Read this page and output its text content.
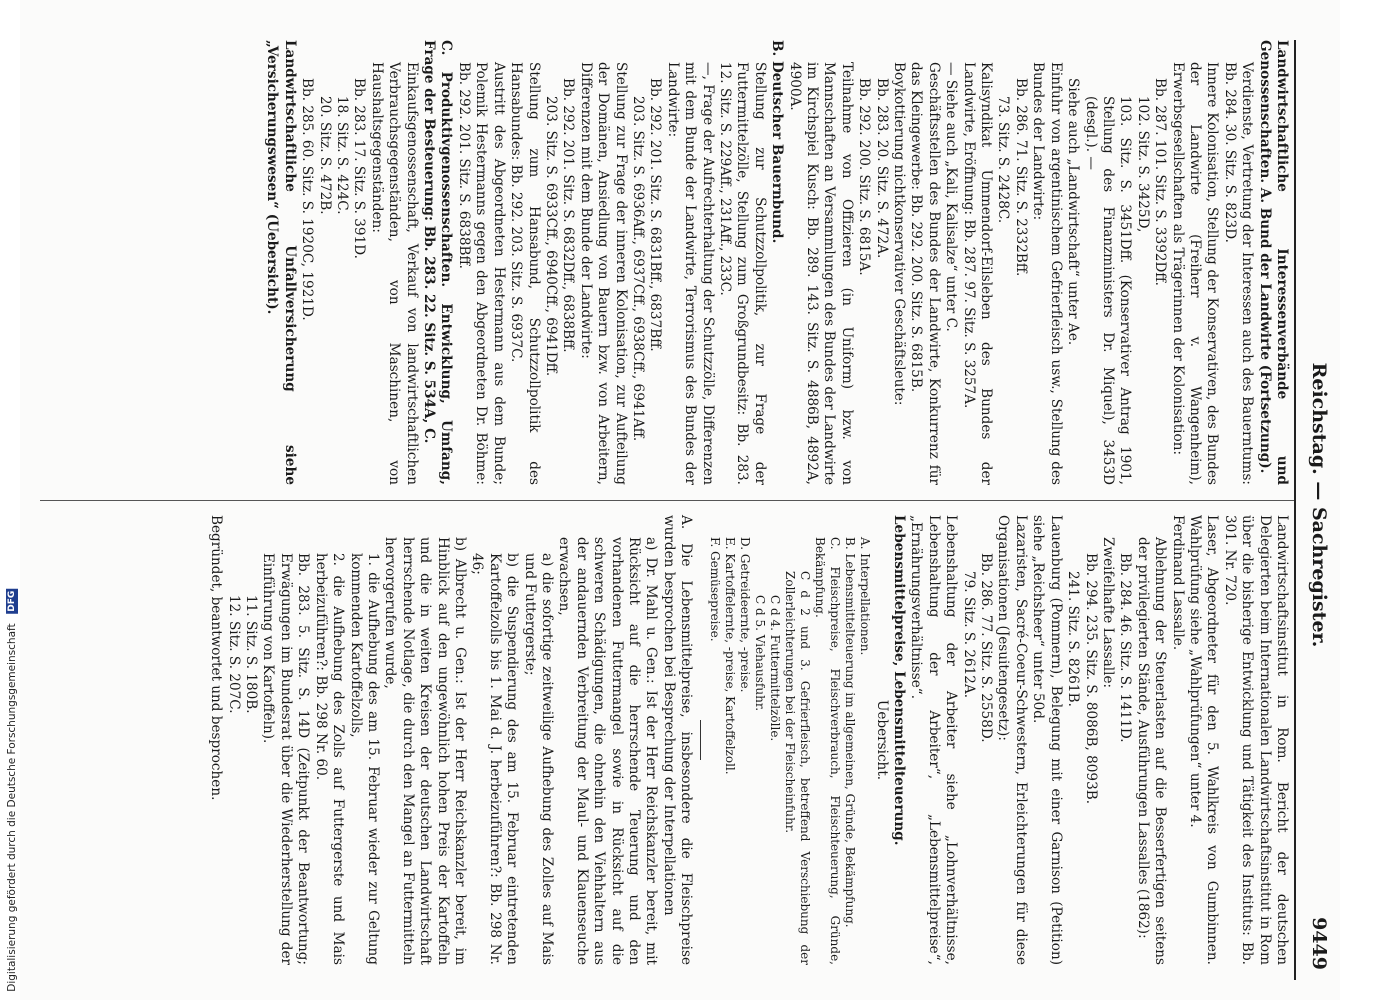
Reichstag. — Sachregister.
9449

Landwirtschaftliche Interessenverbände und Genossenschaften. A. Bund der Landwirte (Fortsetzung).

Verdienste, Vertretung der Interessen auch des Bauerntums: Bb. 284. 30. Sitz. S. 823D.

Innere Kolonisation, Stellung der Konservativen, des Bundes der Landwirte (Freiherr v. Wangenheim), Erwerbsgesellschaften als Trägerinnen der Kolonisation:

Bb. 287. 101. Sitz. S. 3392Dff.

102. Sitz. S. 3425D,

103. Sitz. S. 3451Dff. (Konservativer Antrag 1901, Stellung des Finanzministers Dr. Miquel), 3453D (desgl.). —

Siehe auch „Landwirtschaft“ unter Ae.

Einfuhr von argentinischem Gefrierfleisch usw., Stellung des Bundes der Landwirte:

Bb. 286. 71. Sitz. S. 2332Bff.

73. Sitz. S. 2428C.

Kalisyndikat Ummendorf-Eilsleben des Bundes der Landwirte, Eröffnung: Bb. 287. 97. Sitz. S. 3257A.

— Siehe auch „Kali, Kalisalze“ unter C.

Geschäftsstellen des Bundes der Landwirte, Konkurrenz für das Kleingewerbe: Bb. 292. 200. Sitz. S. 6815B.

Boykottierung nichtkonservativer Geschäftsleute:

Bb. 283. 20. Sitz. S. 472A.

Bb. 292. 200. Sitz. S. 6815A.

Teilnahme von Offizieren (in Uniform) bzw. von Mannschaften an Versammlungen des Bundes der Landwirte im Kirchspiel Kusch: Bb. 289. 143. Sitz. S. 4886B, 4892A, 4900A.

B. Deutscher Bauernbund.

Stellung zur Schutzzollpolitik, zur Frage der Futtermittelzölle, Stellung zum Großgrundbesitz: Bb. 283. 12. Sitz. S. 229Aff., 231Aff., 233C.

—, Frage der Aufrechterhaltung der Schutzzölle, Differenzen mit dem Bunde der Landwirte, Terrorismus des Bundes der Landwirte:

Bb. 292. 201. Sitz. S. 6831Bff., 6837Bff.

203. Sitz. S. 6936Aff., 6937Cff., 6938Cff., 6941Aff.

Stellung zur Frage der inneren Kolonisation, zur Aufteilung der Domänen, Ansiedlung von Bauern bzw. von Arbeitern, Differenzen mit dem Bunde der Landwirte:

Bb. 292. 201. Sitz. S. 6832Dff., 6838Bff.

203. Sitz. S. 6933Cff., 6940Cff., 6941Dff.

Stellung zum Hansabund, Schutzzollpolitik des Hansabundes: Bb. 292. 203. Sitz. S. 6937C.

Austritt des Abgeordneten Hestermann aus dem Bunde; Polemik Hestermanns gegen den Abgeordneten Dr. Böhme: Bb. 292. 201. Sitz. S. 6838Bff.

C. Produktivgenossenschaften. Entwicklung, Umfang, Frage der Besteuerung: Bb. 283. 22. Sitz. S. 534A, C.

Einkaufsgenossenschaft, Verkauf von landwirtschaftlichen Verbrauchsgegenständen, von Maschinen, von Haushaltsgegenständen:

Bb. 283. 17. Sitz. S. 391D.

18. Sitz. S. 424C.

20. Sitz. S. 472B.

Bb. 285. 60. Sitz. S. 1920C, 1921D.

Landwirtschaftliche Unfallversicherung siehe „Versicherungswesen“ (Uebersicht).

Landwirtschaftsinstitut in Rom. Bericht der deutschen Delegierten beim Internationalen Landwirtschaftsinstitut in Rom über die bisherige Entwicklung und Tätigkeit des Instituts: Bb. 301. Nr. 720.

Laser, Abgeordneter für den 5. Wahlkreis von Gumbinnen. Wahlprüfung siehe „Wahlprüfungen“ unter 4.

Ferdinand Lassalle.

Ablehnung der Steuerlasten auf die Besserfertigen seitens der privilegierten Stände, Ausführungen Lassalles (1862):

Bb. 284. 46. Sitz. S. 1411D.

Zweifelhafte Lassalle:

Bb. 294. 235. Sitz. S. 8086B, 8093B.

241. Sitz. S. 8261B.

Lauenburg (Pommern), Belegung mit einer Garnison (Petition) siehe „Reichsheer“ unter 50d.

Lazaristen, Sacré-Coeur-Schwestern, Erleichterungen für diese Organisationen (Jesuitengesetz):

Bb. 286. 77. Sitz. S. 2558D.

79. Sitz. S. 2612A.

Lebenshaltung der Arbeiter siehe „Lohnverhältnisse, Lebenshaltung der Arbeiter“, „Lebensmittelpreise“, „Ernährungsverhältnisse“.

Lebensmittelpreise, Lebensmittelteuerung.

Uebersicht.

A. Interpellationen.

B. Lebensmittelteuerung im allgemeinen, Gründe, Bekämpfung.

C. Fleischpreise, Fleischverbrauch, Fleischteuerung, Gründe, Bekämpfung.

C d 2 und 3. Gefrierfleisch, betreffend Verschiebung der Zollerleichterungen bei der Fleischeinfuhr.

C d 4. Futtermittelzölle.

C d 5. Viehausfuhr.

D. Getreideernte, -preise.

E. Kartoffelernte, -preise, Kartoffelzoll.

F. Gemüsepreise.

A. Die Lebensmittelpreise, insbesondere die Fleischpreise wurden besprochen bei Besprechung der Interpellationen

a) Dr. Mahl u. Gen.: Ist der Herr Reichskanzler bereit, mit Rücksicht auf die herrschende Teuerung und den vorhandenen Futtermangel sowie in Rücksicht auf die schweren Schädigungen, die ohnehin den Viehhaltern aus der andauernden Verbreitung der Maul- und Klauenseuche erwachsen,

a) die sofortige zeitweilige Aufhebung des Zolles auf Mais und Futtergerste;

b) die Suspendierung des am 15. Februar eintretenden Kartoffelzolls bis 1. Mai d. J. herbeizuführen?: Bb. 298 Nr. 46;

b) Albrecht u. Gen.: Ist der Herr Reichskanzler bereit, im Hinblick auf den ungewöhnlich hohen Preis der Kartoffeln und die in weiten Kreisen der deutschen Landwirtschaft herrschende Notlage, die durch den Mangel an Futtermitteln hervorgerufen wurde,

1. die Aufhebung des am 15. Februar wieder zur Geltung kommenden Kartoffelzolls,

2. die Aufhebung des Zolls auf Futtergerste und Mais herbeizuführen?: Bb. 298 Nr. 60.

Bb. 283. 5. Sitz. S. 14D (Zeitpunkt der Beantwortung; Erwägungen im Bundesrat über die Wiederherstellung der Einführung von Kartoffeln).

11. Sitz. S. 180B.

12. Sitz. S. 207C.

Begründet, beantwortet und besprochen.

Digitalisierung gefördert durch die Deutsche Forschungsgemeinschaft DFG
